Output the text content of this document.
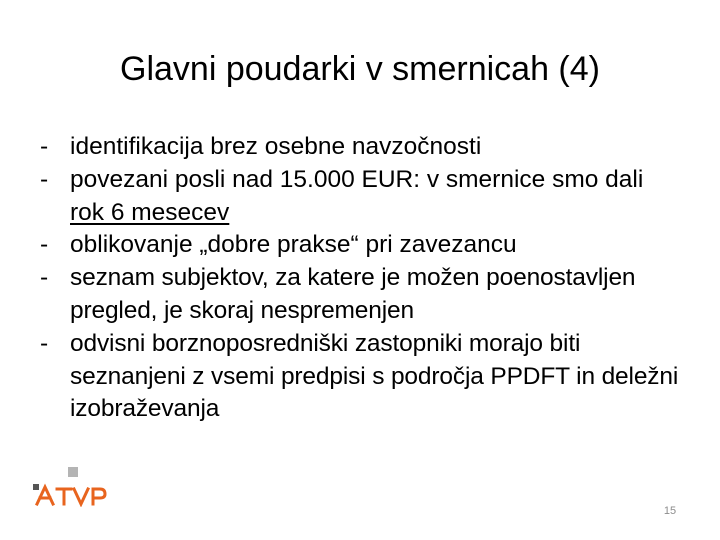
Glavni poudarki v smernicah (4)
- identifikacija brez osebne navzočnosti
- povezani posli nad 15.000 EUR: v smernice smo dali rok 6 mesecev
- oblikovanje „dobre prakse“ pri zavezancu
- seznam subjektov, za katere je možen poenostavljen pregled, je skoraj nespremenjen
- odvisni borznoposredniški zastopniki morajo biti seznanjeni z vsemi predpisi s področja PPDFT in deležni izobraževanja
15
